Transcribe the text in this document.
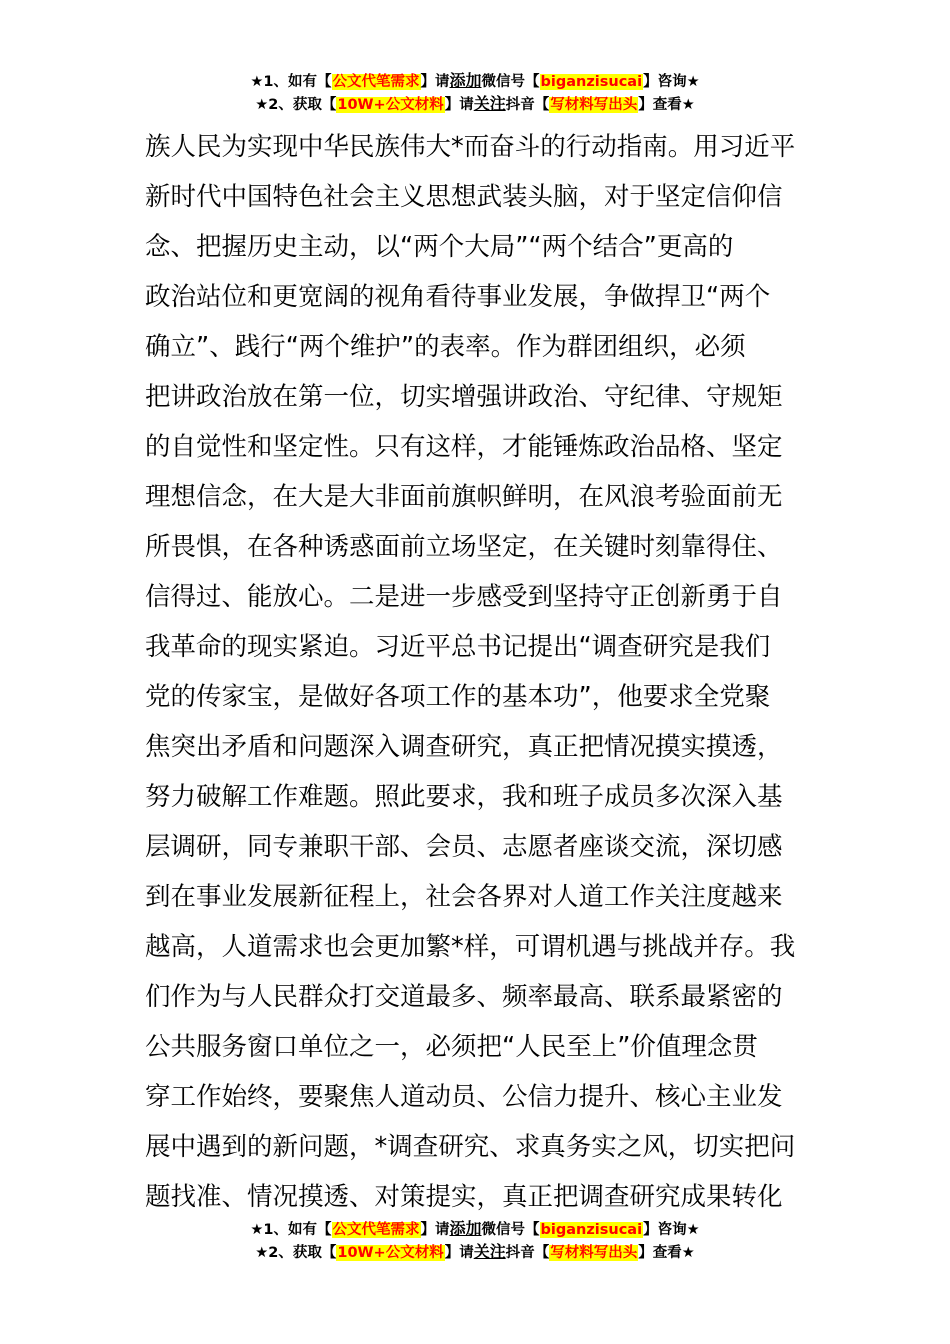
★1、如有【公文代笔需求】请添加微信号【biganzisucai】咨询★
★2、获取【10W+公文材料】请关注抖音【写材料写出头】查看★
族人民为实现中华民族伟大*而奋斗的行动指南。用习近平
新时代中国特色社会主义思想武装头脑，对于坚定信仰信
念、把握历史主动，以“两个大局”“两个结合”更高的
政治站位和更宽阔的视角看待事业发展，争做捍卫“两个
确立”、践行“两个维护”的表率。作为群团组织，必须
把讲政治放在第一位，切实增强讲政治、守纪律、守规矩
的自觉性和坚定性。只有这样，才能锤炼政治品格、坚定
理想信念，在大是大非面前旗帜鲜明，在风浪考验面前无
所畏惧，在各种诱惑面前立场坚定，在关键时刻靠得住、
信得过、能放心。二是进一步感受到坚持守正创新勇于自
我革命的现实紧迫。习近平总书记提出“调查研究是我们
党的传家宝，是做好各项工作的基本功”，他要求全党聚
焦突出矛盾和问题深入调查研究，真正把情况摸实摸透，
努力破解工作难题。照此要求，我和班子成员多次深入基
层调研，同专兼职干部、会员、志愿者座谈交流，深切感
到在事业发展新征程上，社会各界对人道工作关注度越来
越高，人道需求也会更加繁*样，可谓机遇与挑战并存。我
们作为与人民群众打交道最多、频率最高、联系最紧密的
公共服务窗口单位之一，必须把“人民至上”价值理念贯
穿工作始终，要聚焦人道动员、公信力提升、核心主业发
展中遇到的新问题，*调查研究、求真务实之风，切实把问
题找准、情况摸透、对策提实，真正把调查研究成果转化
★1、如有【公文代笔需求】请添加微信号【biganzisucai】咨询★
★2、获取【10W+公文材料】请关注抖音【写材料写出头】查看★
